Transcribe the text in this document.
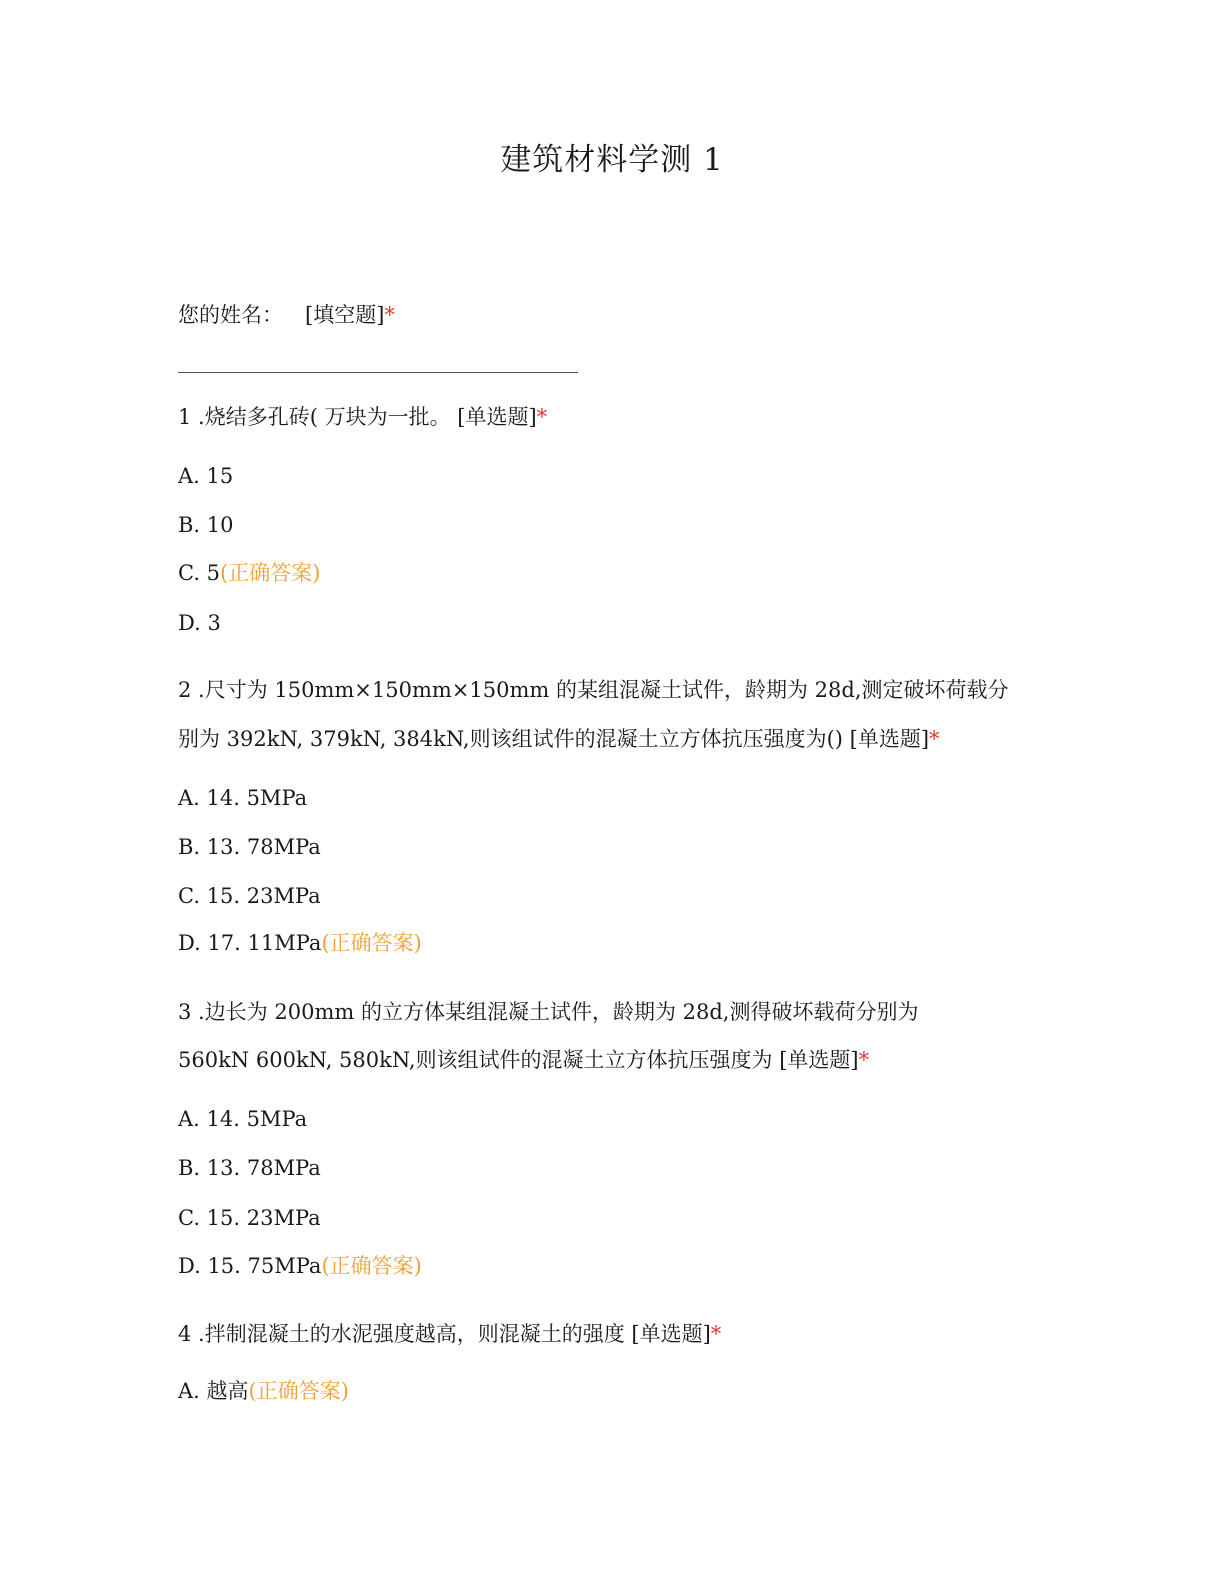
建筑材料学测 1
您的姓名： [填空题]*
1 .烧结多孔砖( 万块为一批。 [单选题]*
A. 15
B. 10
C. 5(正确答案)
D. 3
2 .尺寸为 150mm×150mm×150mm 的某组混凝土试件，龄期为 28d,测定破坏荷载分
别为 392kN, 379kN, 384kN,则该组试件的混凝土立方体抗压强度为() [单选题]*
A. 14. 5MPa
B. 13. 78MPa
C. 15. 23MPa
D. 17. 11MPa(正确答案)
3 .边长为 200mm 的立方体某组混凝土试件，龄期为 28d,测得破坏载荷分别为
560kN 600kN, 580kN,则该组试件的混凝土立方体抗压强度为 [单选题]*
A. 14. 5MPa
B. 13. 78MPa
C. 15. 23MPa
D. 15. 75MPa(正确答案)
4 .拌制混凝土的水泥强度越高，则混凝土的强度 [单选题]*
A. 越高(正确答案)
